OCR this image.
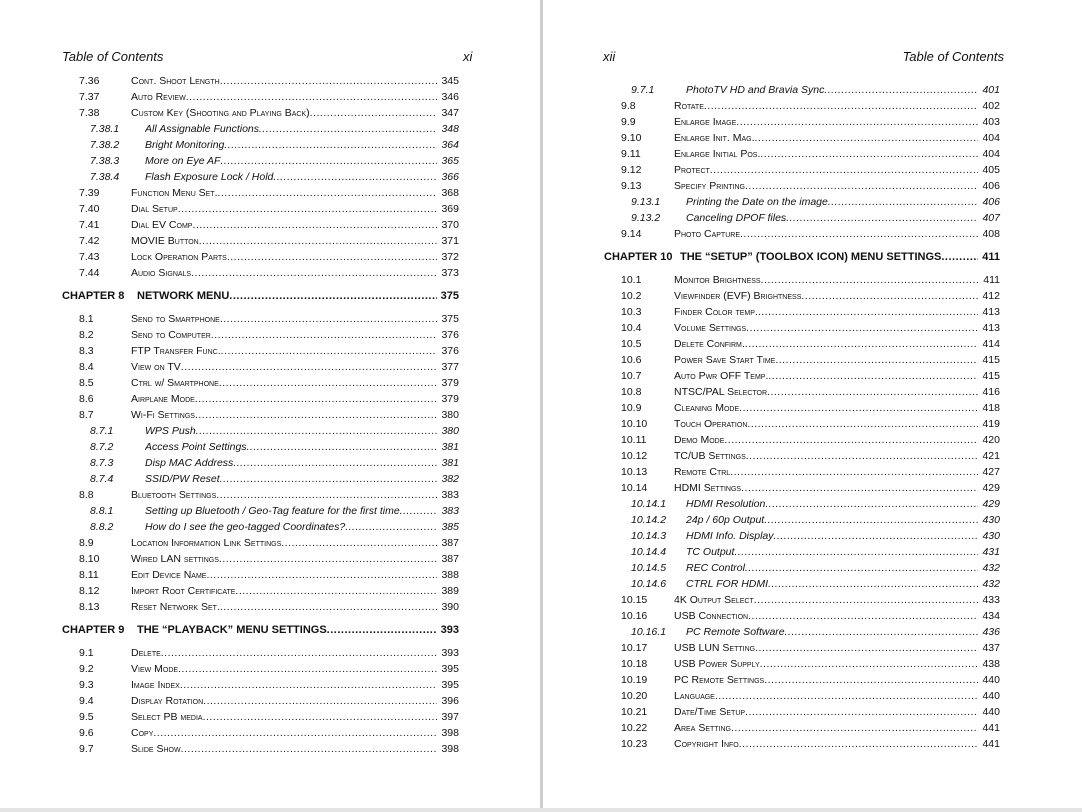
Table of Contents	xi
7.36	Cont. Shoot Length .....	345
7.37	Auto Review .....	346
7.38	Custom Key (Shooting and Playing Back) .....	347
7.38.1 All Assignable Functions .....	348
7.38.2 Bright Monitoring .....	364
7.38.3 More on Eye AF .....	365
7.38.4 Flash Exposure Lock / Hold .....	366
7.39	Function Menu Set. .....	368
7.40	Dial Setup .....	369
7.41	Dial EV Comp .....	370
7.42	MOVIE Button .....	371
7.43	Lock Operation Parts .....	372
7.44	Audio Signals .....	373
CHAPTER 8	NETWORK MENU .....	375
8.1	Send to Smartphone .....	375
8.2	Send to Computer .....	376
8.3	FTP Transfer Func. .....	376
8.4	View on TV .....	377
8.5	Ctrl w/ Smartphone .....	379
8.6	Airplane Mode .....	379
8.7	Wi-Fi Settings .....	380
8.7.1	WPS Push .....	380
8.7.2	Access Point Settings .....	381
8.7.3	Disp MAC Address .....	381
8.7.4	SSID/PW Reset .....	382
8.8	Bluetooth Settings .....	383
8.8.1	Setting up Bluetooth / Geo-Tag feature for the first time .....	383
8.8.2	How do I see the geo-tagged Coordinates? .....	385
8.9	Location Information Link Settings .....	387
8.10	Wired LAN settings .....	387
8.11	Edit Device Name .....	388
8.12	Import Root Certificate .....	389
8.13	Reset Network Set. .....	390
CHAPTER 9	THE “PLAYBACK” MENU SETTINGS .....	393
9.1	Delete .....	393
9.2	View Mode .....	395
9.3	Image Index .....	395
9.4	Display Rotation .....	396
9.5	Select PB media .....	397
9.6	Copy .....	398
9.7	Slide Show .....	398
xii	Table of Contents
9.7.1	PhotoTV HD and Bravia Sync .....	401
9.8	Rotate .....	402
9.9	Enlarge Image .....	403
9.10	Enlarge Init. Mag. .....	404
9.11	Enlarge Initial Pos. .....	404
9.12	Protect .....	405
9.13	Specify Printing .....	406
9.13.1 Printing the Date on the image .....	406
9.13.2 Canceling DPOF files .....	407
9.14	Photo Capture .....	408
CHAPTER 10 THE “SETUP” (TOOLBOX ICON) MENU SETTINGS .....	411
10.1	Monitor Brightness .....	411
10.2	Viewfinder (EVF) Brightness .....	412
10.3	Finder Color temp. .....	413
10.4	Volume Settings .....	413
10.5	Delete Confirm. .....	414
10.6	Power Save Start Time .....	415
10.7	Auto Pwr OFF Temp. .....	415
10.8	NTSC/PAL Selector .....	416
10.9	Cleaning Mode .....	418
10.10	Touch Operation .....	419
10.11	Demo Mode .....	420
10.12	TC/UB Settings .....	421
10.13	Remote Ctrl .....	427
10.14	HDMI Settings .....	429
10.14.1 HDMI Resolution .....	429
10.14.2 24p / 60p Output .....	430
10.14.3 HDMI Info. Display .....	430
10.14.4 TC Output .....	431
10.14.5 REC Control .....	432
10.14.6 CTRL FOR HDMI .....	432
10.15	4K Output Select .....	433
10.16	USB Connection .....	434
10.16.1 PC Remote Software .....	436
10.17	USB LUN Setting .....	437
10.18	USB Power Supply .....	438
10.19	PC Remote Settings .....	440
10.20	Language .....	440
10.21	Date/Time Setup .....	440
10.22	Area Setting .....	441
10.23	Copyright Info .....	441
